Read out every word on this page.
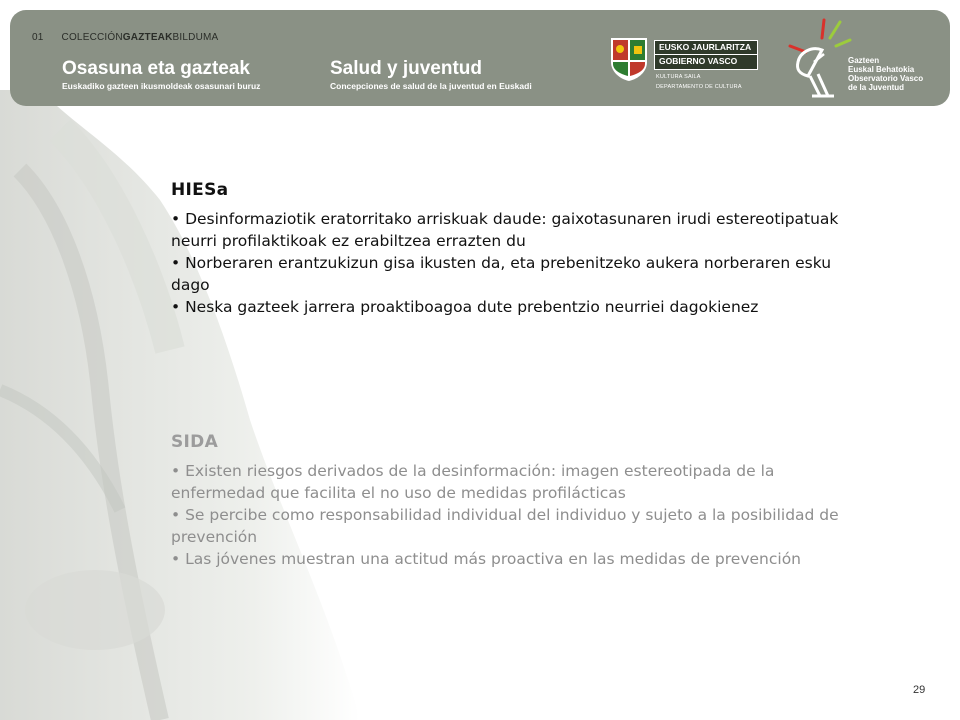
01 COLECCIÓNGAZTEAKBILDUMA
Osasuna eta gazteak
Euskadiko gazteen ikusmoldeak osasunari buruz
Salud y juventud
Concepciones de salud de la juventud en Euskadi
EUSKO JAURLARITZA
GOBIERNO VASCO
KULTURA SAILA
DEPARTAMENTO DE CULTURA
Gazteen
Euskal Behatokia
Observatorio Vasco
de la Juventud
HIESa
• Desinformaziotik eratorritako arriskuak daude: gaixotasunaren irudi estereotipatuak neurri profilaktikoak ez erabiltzea errazten du
• Norberaren erantzukizun gisa ikusten da, eta prebenitzeko aukera norberaren esku dago
• Neska gazteek jarrera proaktiboagoa dute prebentzio neurriei dagokienez
SIDA
• Existen riesgos derivados de la desinformación: imagen estereotipada de la enfermedad que facilita el no uso de medidas profilácticas
• Se percibe como responsabilidad individual del individuo y sujeto a la posibilidad de prevención
• Las jóvenes muestran una actitud más proactiva en las medidas de prevención
29
